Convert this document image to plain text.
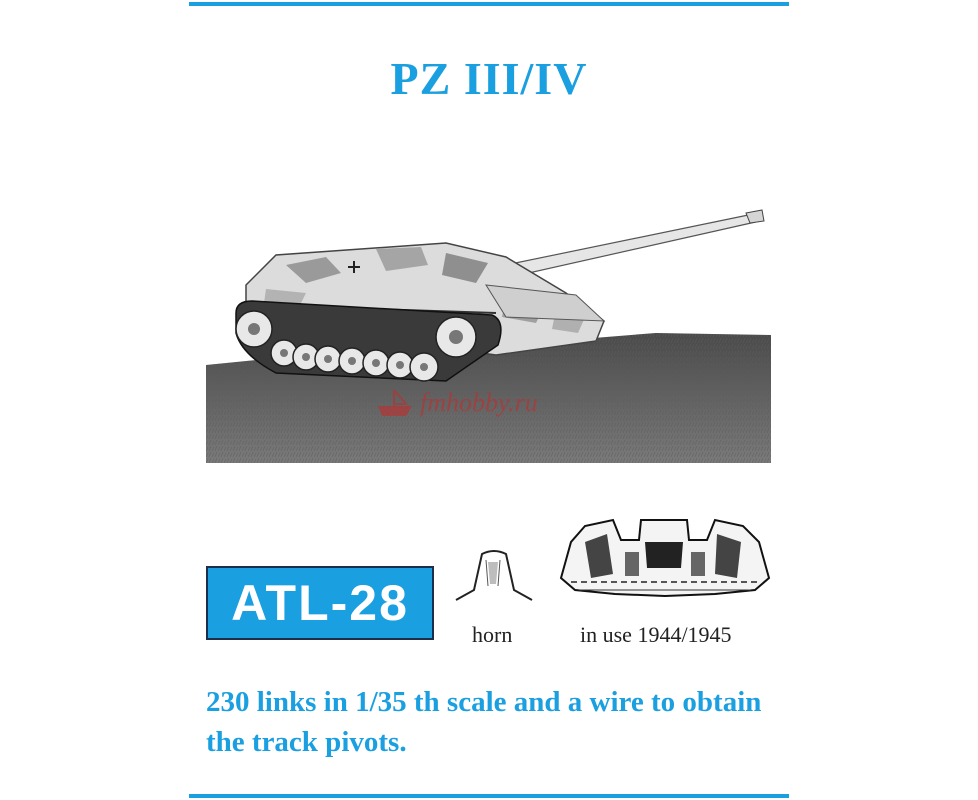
PZ III/IV
fmhobby.ru
ATL-28
horn	in use 1944/1945
230 links in 1/35 th scale and a wire to obtain the track pivots.
